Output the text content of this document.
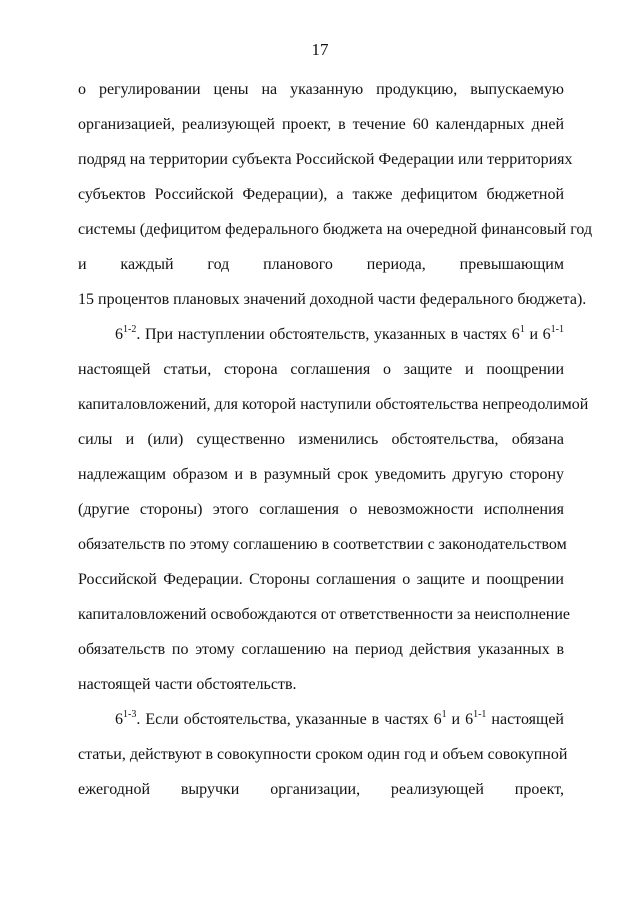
17
о регулировании цены на указанную продукцию, выпускаемую
организацией, реализующей проект, в течение 60 календарных дней
подряд на территории субъекта Российской Федерации или территориях
субъектов Российской Федерации), а также дефицитом бюджетной
системы (дефицитом федерального бюджета на очередной финансовый год
и каждый год планового периода, превышающим
15 процентов плановых значений доходной части федерального бюджета).
6$^{1-2}$. При наступлении обстоятельств, указанных в частях $6^1$ и 6$^{1-1}$
настоящей статьи, сторона соглашения о защите и поощрении
капиталовложений, для которой наступили обстоятельства непреодолимой
силы и (или) существенно изменились обстоятельства, обязана
надлежащим образом и в разумный срок уведомить другую сторону
(другие стороны) этого соглашения о невозможности исполнения
обязательств по этому соглашению в соответствии с законодательством
Российской Федерации. Стороны соглашения о защите и поощрении
капиталовложений освобождаются от ответственности за неисполнение
обязательств по этому соглашению на период действия указанных в
настоящей части обстоятельств.
6$^{1-3}$. Если обстоятельства, указанные в частях $6^1$ и 6$^{1-1}$ настоящей
статьи, действуют в совокупности сроком один год и объем совокупной
ежегодной выручки организации, реализующей проект,
